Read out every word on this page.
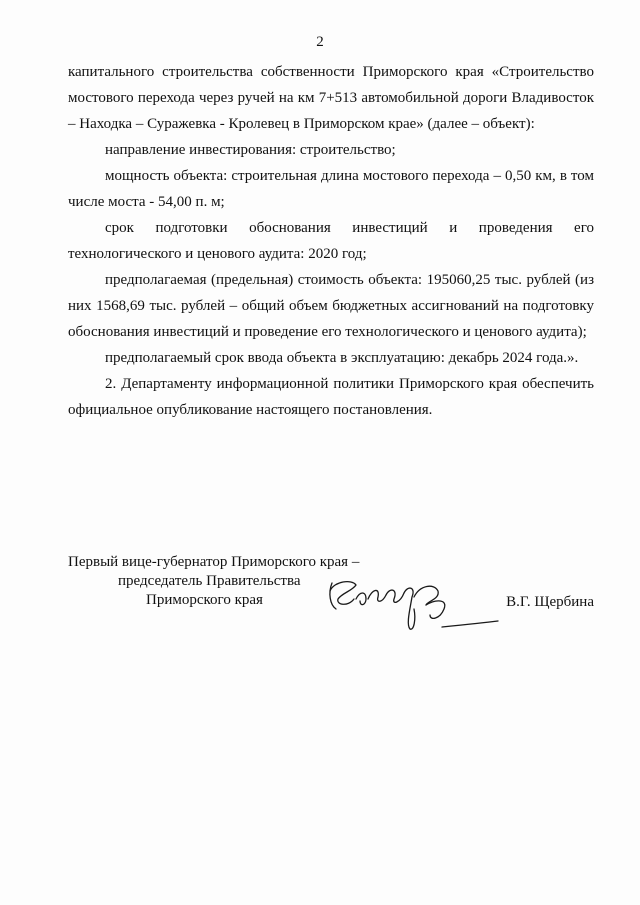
2

капитального строительства собственности Приморского края «Строительство мостового перехода через ручей на км 7+513 автомобильной дороги Владивосток – Находка – Суражевка - Кролевец в Приморском крае» (далее – объект):

направление инвестирования: строительство;

мощность объекта: строительная длина мостового перехода – 0,50 км, в том числе моста - 54,00 п. м;

срок подготовки обоснования инвестиций и проведения его технологического и ценового аудита: 2020 год;

предполагаемая (предельная) стоимость объекта: 195060,25 тыс. рублей (из них 1568,69 тыс. рублей – общий объем бюджетных ассигнований на подготовку обоснования инвестиций и проведение его технологического и ценового аудита);

предполагаемый срок ввода объекта в эксплуатацию: декабрь 2024 года.».

2. Департаменту информационной политики Приморского края обеспечить официальное опубликование настоящего постановления.

Первый вице-губернатор Приморского края –
председатель Правительства
Приморского края	В.Г. Щербина
